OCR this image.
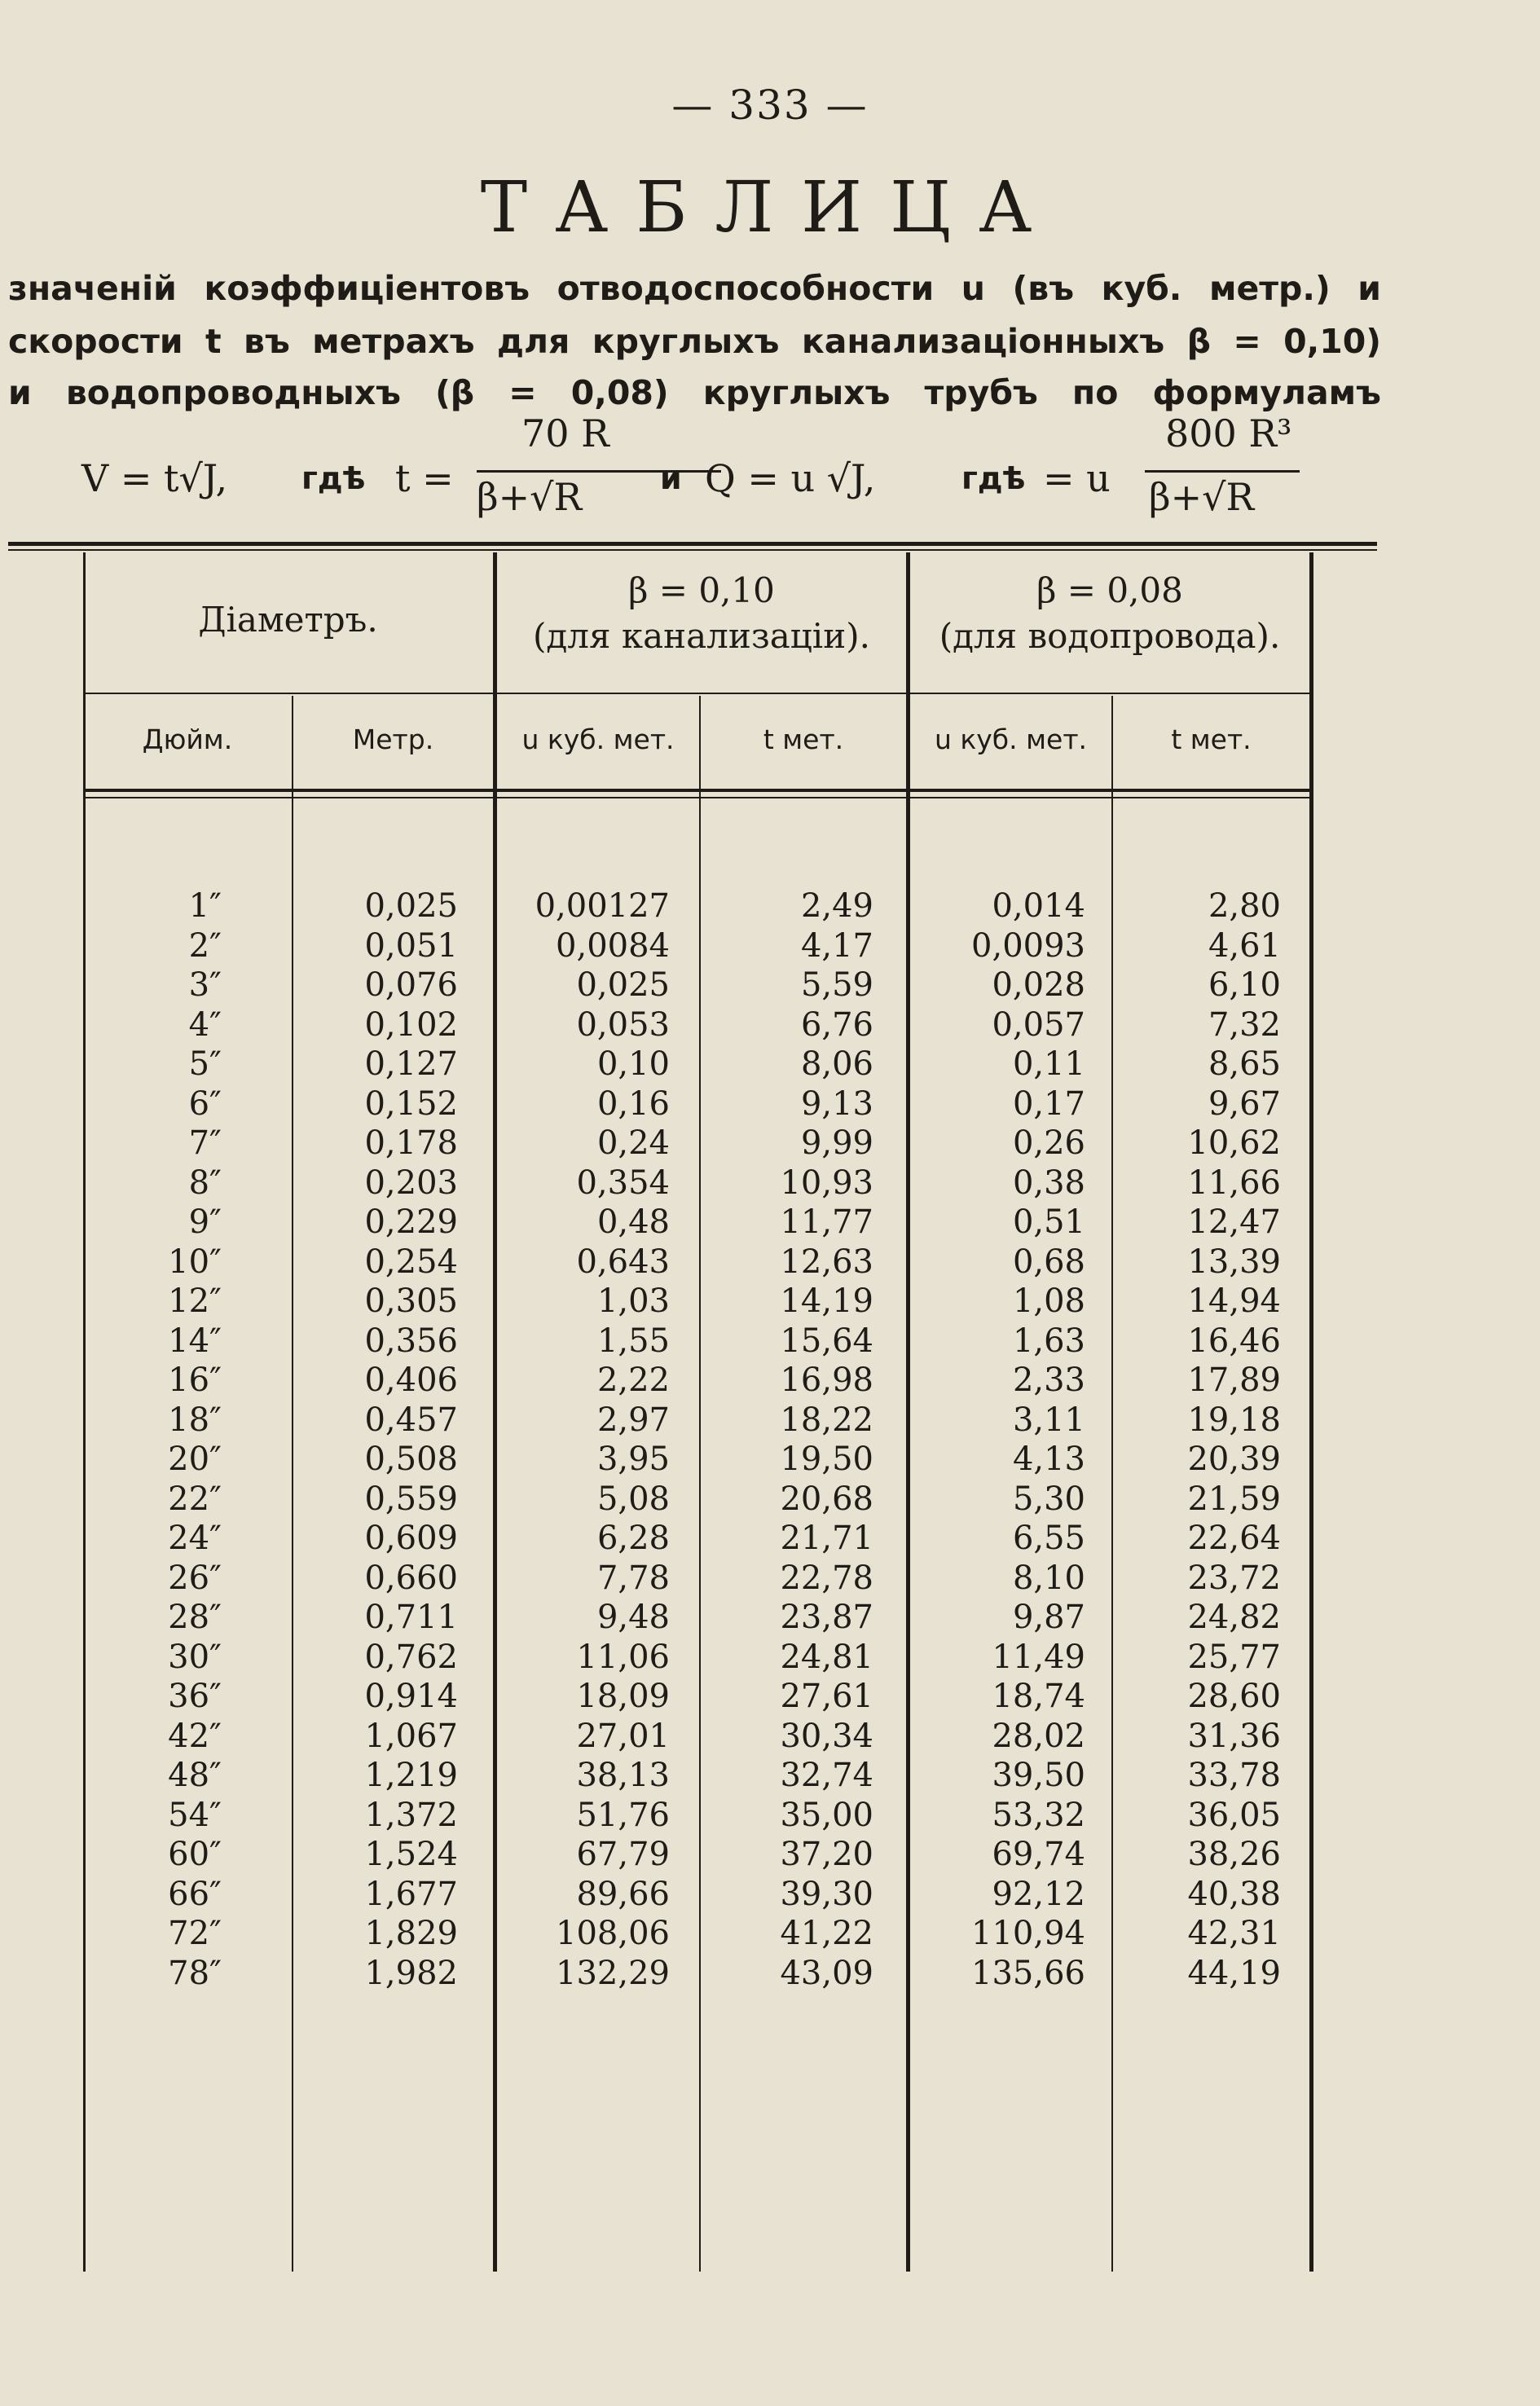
— 333 —
ТАБЛИЦА
значеній коэффиціентовъ отводоспособности u (въ куб. метр.) и
скорости t въ метрахъ для круглыхъ канализаціонныхъ β = 0,10)
и водопроводныхъ (β = 0,08) круглыхъ трубъ по формуламъ
V = t√J, гдѣ t =
70 R
β+√R	и Q = u √J,	гдѣ = u
800 R³
β+√R
Діаметръ.
β = 0,10
(для канализаціи).
β = 0,08
(для водопровода).
Дюйм.	Метр.	u куб. мет.	t мет.	u куб. мет.	t мет.
1″	0,025	0,00127	2,49	0,014	2,80
2″	0,051	0,0084	4,17	0,0093	4,61
3″	0,076	0,025	5,59	0,028	6,10
4″	0,102	0,053	6,76	0,057	7,32
5″	0,127	0,10	8,06	0,11	8,65
6″	0,152	0,16	9,13	0,17	9,67
7″	0,178	0,24	9,99	0,26	10,62
8″	0,203	0,354	10,93	0,38	11,66
9″	0,229	0,48	11,77	0,51	12,47
10″	0,254	0,643	12,63	0,68	13,39
12″	0,305	1,03	14,19	1,08	14,94
14″	0,356	1,55	15,64	1,63	16,46
16″	0,406	2,22	16,98	2,33	17,89
18″	0,457	2,97	18,22	3,11	19,18
20″	0,508	3,95	19,50	4,13	20,39
22″	0,559	5,08	20,68	5,30	21,59
24″	0,609	6,28	21,71	6,55	22,64
26″	0,660	7,78	22,78	8,10	23,72
28″	0,711	9,48	23,87	9,87	24,82
30″	0,762	11,06	24,81	11,49	25,77
36″	0,914	18,09	27,61	18,74	28,60
42″	1,067	27,01	30,34	28,02	31,36
48″	1,219	38,13	32,74	39,50	33,78
54″	1,372	51,76	35,00	53,32	36,05
60″	1,524	67,79	37,20	69,74	38,26
66″	1,677	89,66	39,30	92,12	40,38
72″	1,829	108,06	41,22	110,94	42,31
78″	1,982	132,29	43,09	135,66	44,19
